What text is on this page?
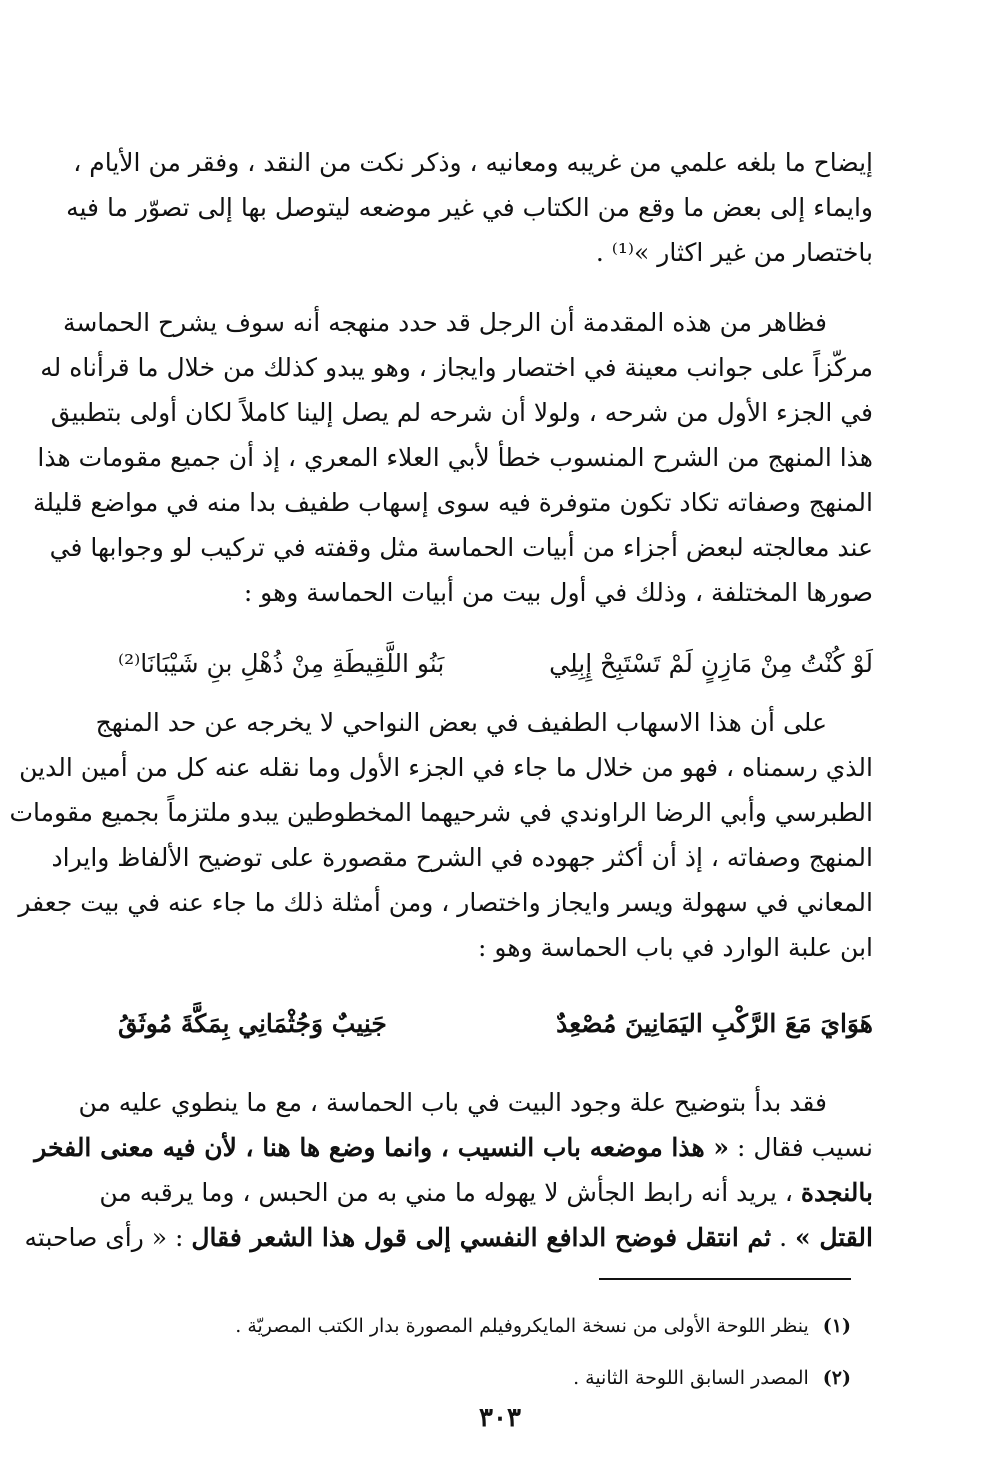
إيضاح ما بلغه علمي من غريبه ومعانيه ، وذكر نكت من النقد ، وفقر من الأيام ،
وايماء إلى بعض ما وقع من الكتاب في غير موضعه ليتوصل بها إلى تصوّر ما فيه
باختصار من غير اكثار »⁽¹⁾ .
فظاهر من هذه المقدمة أن الرجل قد حدد منهجه أنه سوف يشرح الحماسة
مركّزاً على جوانب معينة في اختصار وايجاز ، وهو يبدو كذلك من خلال ما قرأناه له
في الجزء الأول من شرحه ، ولولا أن شرحه لم يصل إلينا كاملاً لكان أولى بتطبيق
هذا المنهج من الشرح المنسوب خطأ لأبي العلاء المعري ، إذ أن جميع مقومات هذا
المنهج وصفاته تكاد تكون متوفرة فيه سوى إسهاب طفيف بدا منه في مواضع قليلة
عند معالجته لبعض أجزاء من أبيات الحماسة مثل وقفته في تركيب لو وجوابها في
صورها المختلفة ، وذلك في أول بيت من أبيات الحماسة وهو :
لَوْ كُنْتُ مِنْ مَازِنٍ لَمْ تَسْتَبِحْ إِبِلِي
بَنُو اللَّقِيطَةِ مِنْ ذُهْلِ بنِ شَيْبَانَا⁽²⁾
على أن هذا الاسهاب الطفيف في بعض النواحي لا يخرجه عن حد المنهج
الذي رسمناه ، فهو من خلال ما جاء في الجزء الأول وما نقله عنه كل من أمين الدين
الطبرسي وأبي الرضا الراوندي في شرحيهما المخطوطين يبدو ملتزماً بجميع مقومات
المنهج وصفاته ، إذ أن أكثر جهوده في الشرح مقصورة على توضيح الألفاظ وايراد
المعاني في سهولة ويسر وايجاز واختصار ، ومن أمثلة ذلك ما جاء عنه في بيت جعفر
ابن علبة الوارد في باب الحماسة وهو :
هَوَايَ مَعَ الرَّكْبِ اليَمَانِينَ مُصْعِدٌ
جَنِيبٌ وَجُثْمَانِي بِمَكَّةَ مُوثَقُ
فقد بدأ بتوضيح علة وجود البيت في باب الحماسة ، مع ما ينطوي عليه من
نسيب فقال : « هذا موضعه باب النسيب ، وانما وضع ها هنا ، لأن فيه معنى الفخر
بالنجدة ، يريد أنه رابط الجأش لا يهوله ما مني به من الحبس ، وما يرقبه من
القتل » . ثم انتقل فوضح الدافع النفسي إلى قول هذا الشعر فقال : « رأى صاحبته
(١)ينظر اللوحة الأولى من نسخة المايكروفيلم المصورة بدار الكتب المصريّة .
(٢)المصدر السابق اللوحة الثانية .
٣٠٣
